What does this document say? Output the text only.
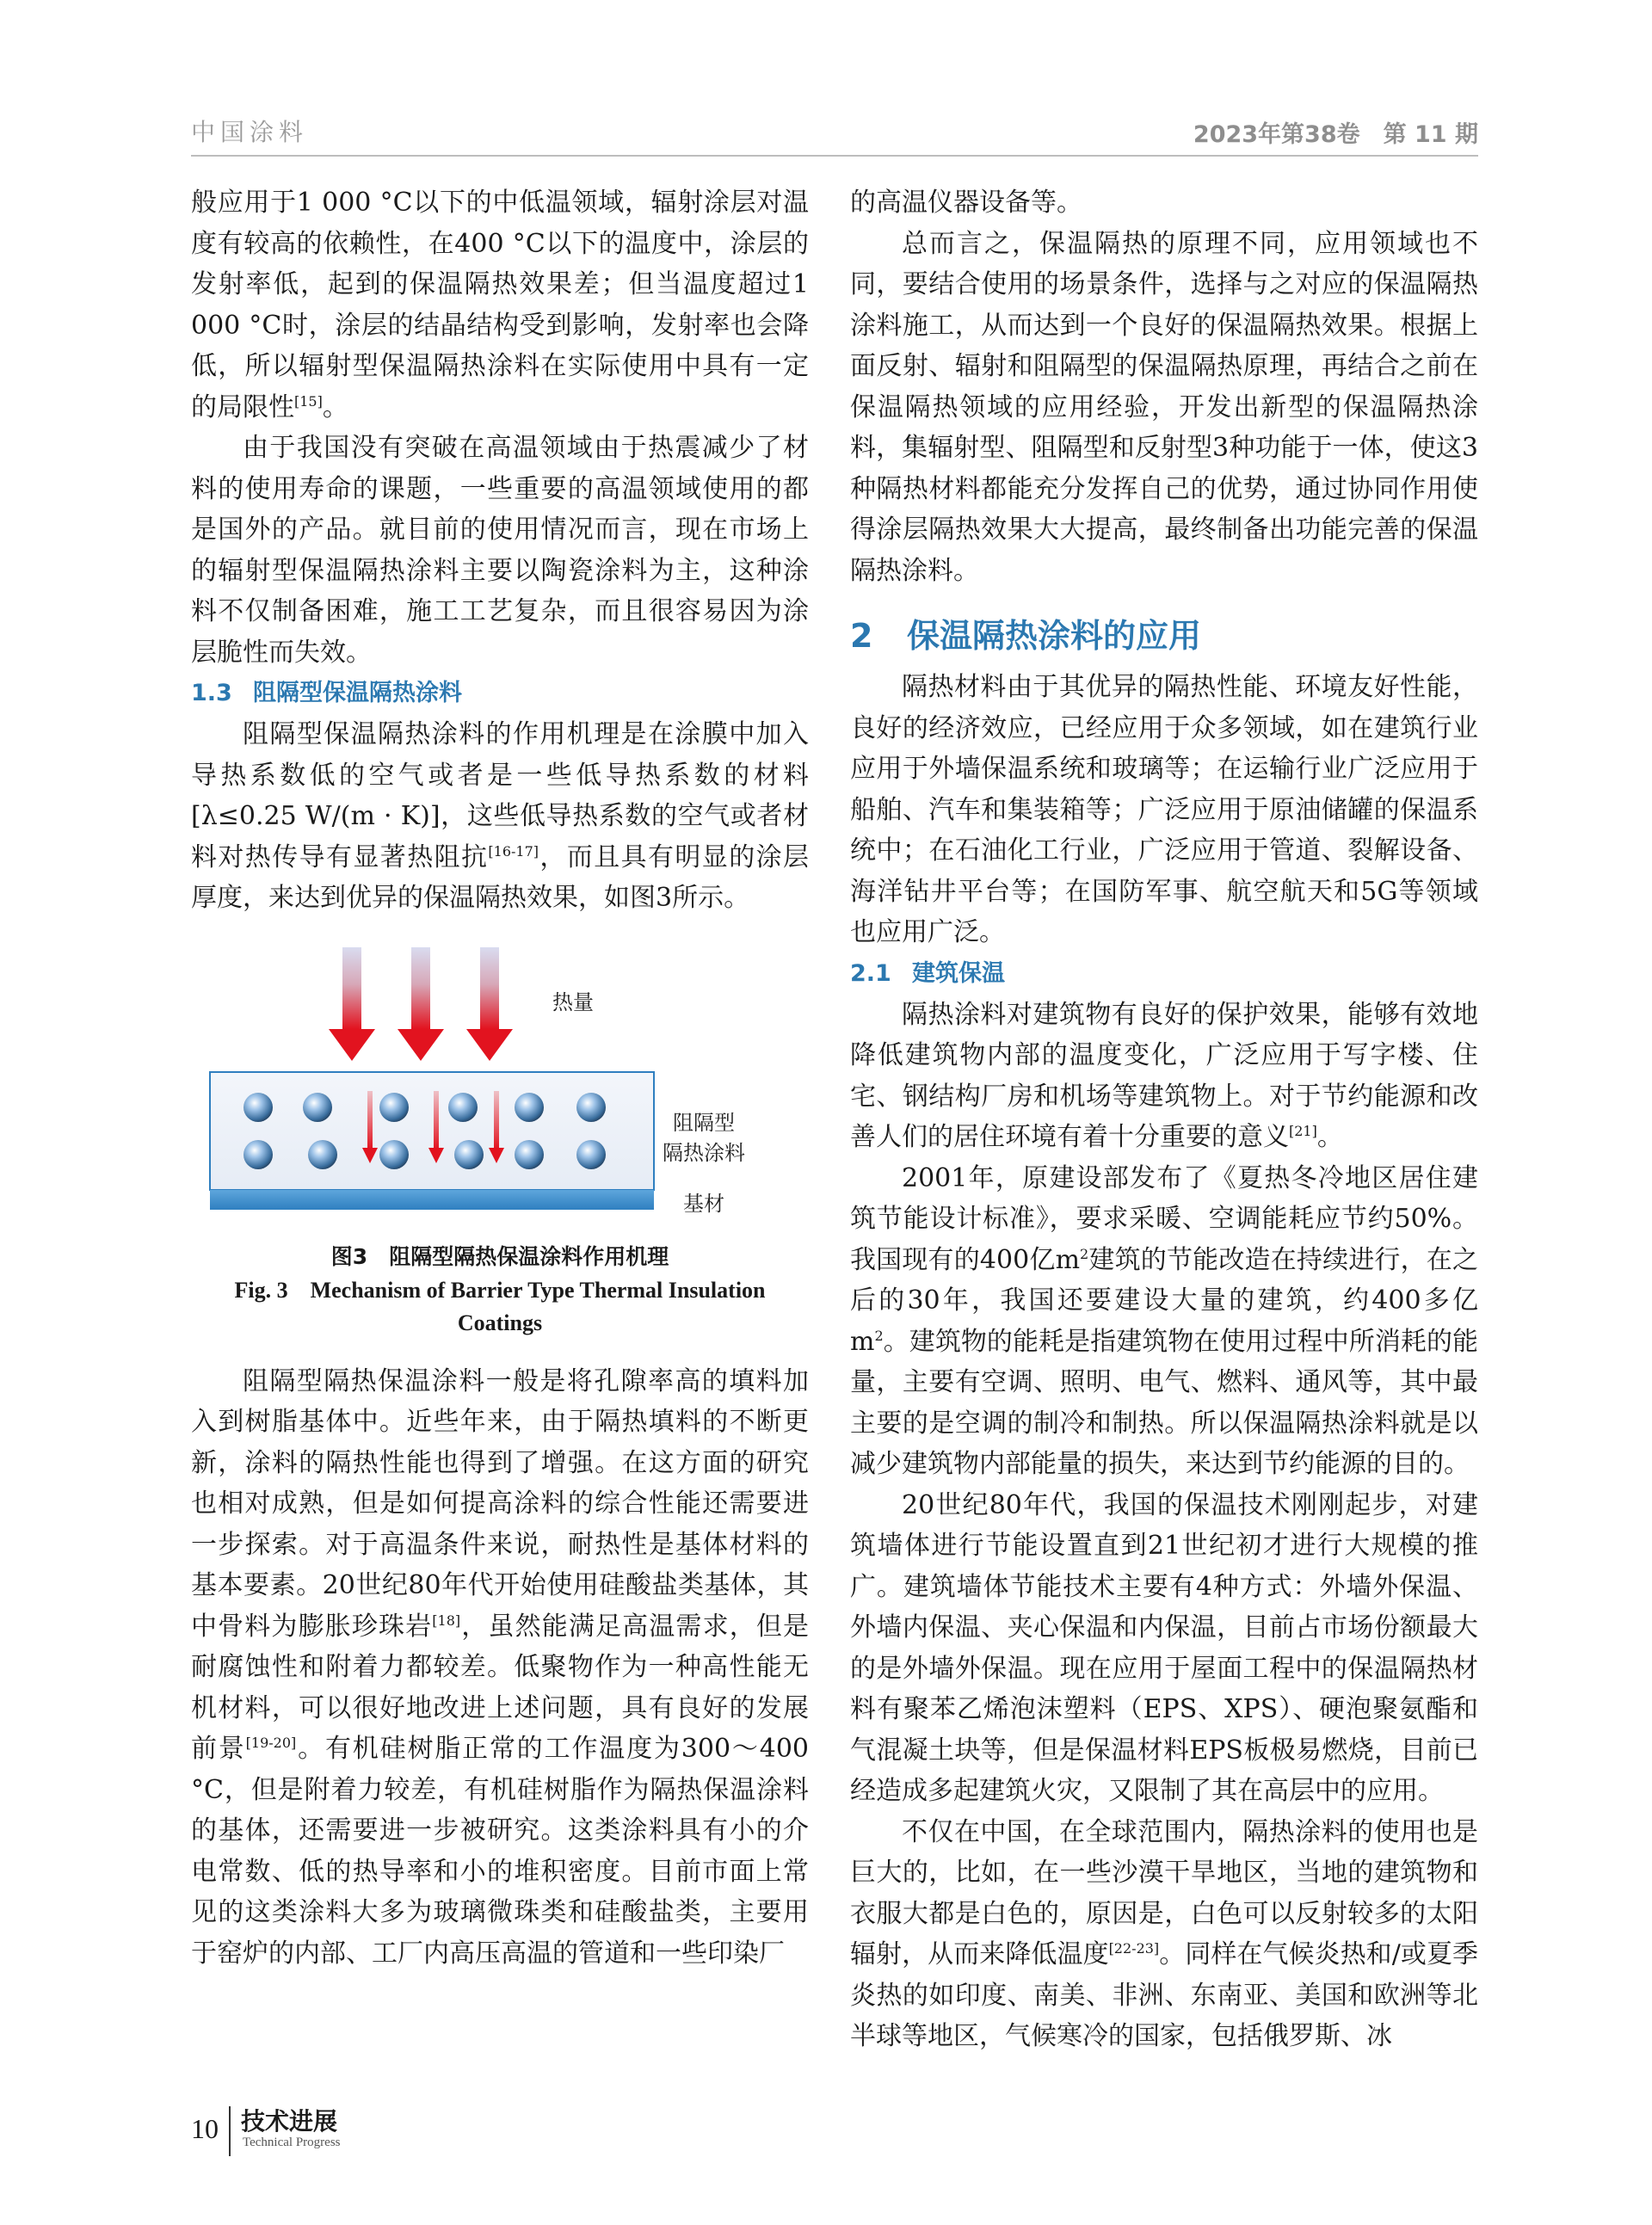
中国涂料	2023年第38卷　第 11 期

般应用于1 000 °C以下的中低温领域，辐射涂层对温度有较高的依赖性，在400 °C以下的温度中，涂层的发射率低，起到的保温隔热效果差；但当温度超过1 000 °C时，涂层的结晶结构受到影响，发射率也会降低，所以辐射型保温隔热涂料在实际使用中具有一定的局限性[15]。

由于我国没有突破在高温领域由于热震减少了材料的使用寿命的课题，一些重要的高温领域使用的都是国外的产品。就目前的使用情况而言，现在市场上的辐射型保温隔热涂料主要以陶瓷涂料为主，这种涂料不仅制备困难，施工工艺复杂，而且很容易因为涂层脆性而失效。

1.3 阻隔型保温隔热涂料

阻隔型保温隔热涂料的作用机理是在涂膜中加入导热系数低的空气或者是一些低导热系数的材料[λ≤0.25 W/(m · K)]，这些低导热系数的空气或者材料对热传导有显著热阻抗[16-17]，而且具有明显的涂层厚度，来达到优异的保温隔热效果，如图3所示。

热量
阻隔型
隔热涂料
基材
图3　阻隔型隔热保温涂料作用机理
Fig. 3　Mechanism of Barrier Type Thermal Insulation
Coatings

阻隔型隔热保温涂料一般是将孔隙率高的填料加入到树脂基体中。近些年来，由于隔热填料的不断更新，涂料的隔热性能也得到了增强。在这方面的研究也相对成熟，但是如何提高涂料的综合性能还需要进一步探索。对于高温条件来说，耐热性是基体材料的基本要素。20世纪80年代开始使用硅酸盐类基体，其中骨料为膨胀珍珠岩[18]，虽然能满足高温需求，但是耐腐蚀性和附着力都较差。低聚物作为一种高性能无机材料，可以很好地改进上述问题，具有良好的发展前景[19-20]。有机硅树脂正常的工作温度为300～400 °C，但是附着力较差，有机硅树脂作为隔热保温涂料的基体，还需要进一步被研究。这类涂料具有小的介电常数、低的热导率和小的堆积密度。目前市面上常见的这类涂料大多为玻璃微珠类和硅酸盐类，主要用于窑炉的内部、工厂内高压高温的管道和一些印染厂

的高温仪器设备等。

总而言之，保温隔热的原理不同，应用领域也不同，要结合使用的场景条件，选择与之对应的保温隔热涂料施工，从而达到一个良好的保温隔热效果。根据上面反射、辐射和阻隔型的保温隔热原理，再结合之前在保温隔热领域的应用经验，开发出新型的保温隔热涂料，集辐射型、阻隔型和反射型3种功能于一体，使这3种隔热材料都能充分发挥自己的优势，通过协同作用使得涂层隔热效果大大提高，最终制备出功能完善的保温隔热涂料。

2 保温隔热涂料的应用

隔热材料由于其优异的隔热性能、环境友好性能，良好的经济效应，已经应用于众多领域，如在建筑行业应用于外墙保温系统和玻璃等；在运输行业广泛应用于船舶、汽车和集装箱等；广泛应用于原油储罐的保温系统中；在石油化工行业，广泛应用于管道、裂解设备、海洋钻井平台等；在国防军事、航空航天和5G等领域也应用广泛。

2.1 建筑保温

隔热涂料对建筑物有良好的保护效果，能够有效地降低建筑物内部的温度变化，广泛应用于写字楼、住宅、钢结构厂房和机场等建筑物上。对于节约能源和改善人们的居住环境有着十分重要的意义[21]。

2001年，原建设部发布了《夏热冬冷地区居住建筑节能设计标准》，要求采暖、空调能耗应节约50%。我国现有的400亿$m^2$建筑的节能改造在持续进行，在之后的30年，我国还要建设大量的建筑，约400多亿$m^2$。建筑物的能耗是指建筑物在使用过程中所消耗的能量，主要有空调、照明、电气、燃料、通风等，其中最主要的是空调的制冷和制热。所以保温隔热涂料就是以减少建筑物内部能量的损失，来达到节约能源的目的。

20世纪80年代，我国的保温技术刚刚起步，对建筑墙体进行节能设置直到21世纪初才进行大规模的推广。建筑墙体节能技术主要有4种方式：外墙外保温、外墙内保温、夹心保温和内保温，目前占市场份额最大的是外墙外保温。现在应用于屋面工程中的保温隔热材料有聚苯乙烯泡沫塑料（EPS、XPS）、硬泡聚氨酯和气混凝土块等，但是保温材料EPS板极易燃烧，目前已经造成多起建筑火灾，又限制了其在高层中的应用。

不仅在中国，在全球范围内，隔热涂料的使用也是巨大的，比如，在一些沙漠干旱地区，当地的建筑物和衣服大都是白色的，原因是，白色可以反射较多的太阳辐射，从而来降低温度[22-23]。同样在气候炎热和/或夏季炎热的如印度、南美、非洲、东南亚、美国和欧洲等北半球等地区，气候寒冷的国家，包括俄罗斯、冰

10 技术进展
Technical Progress
